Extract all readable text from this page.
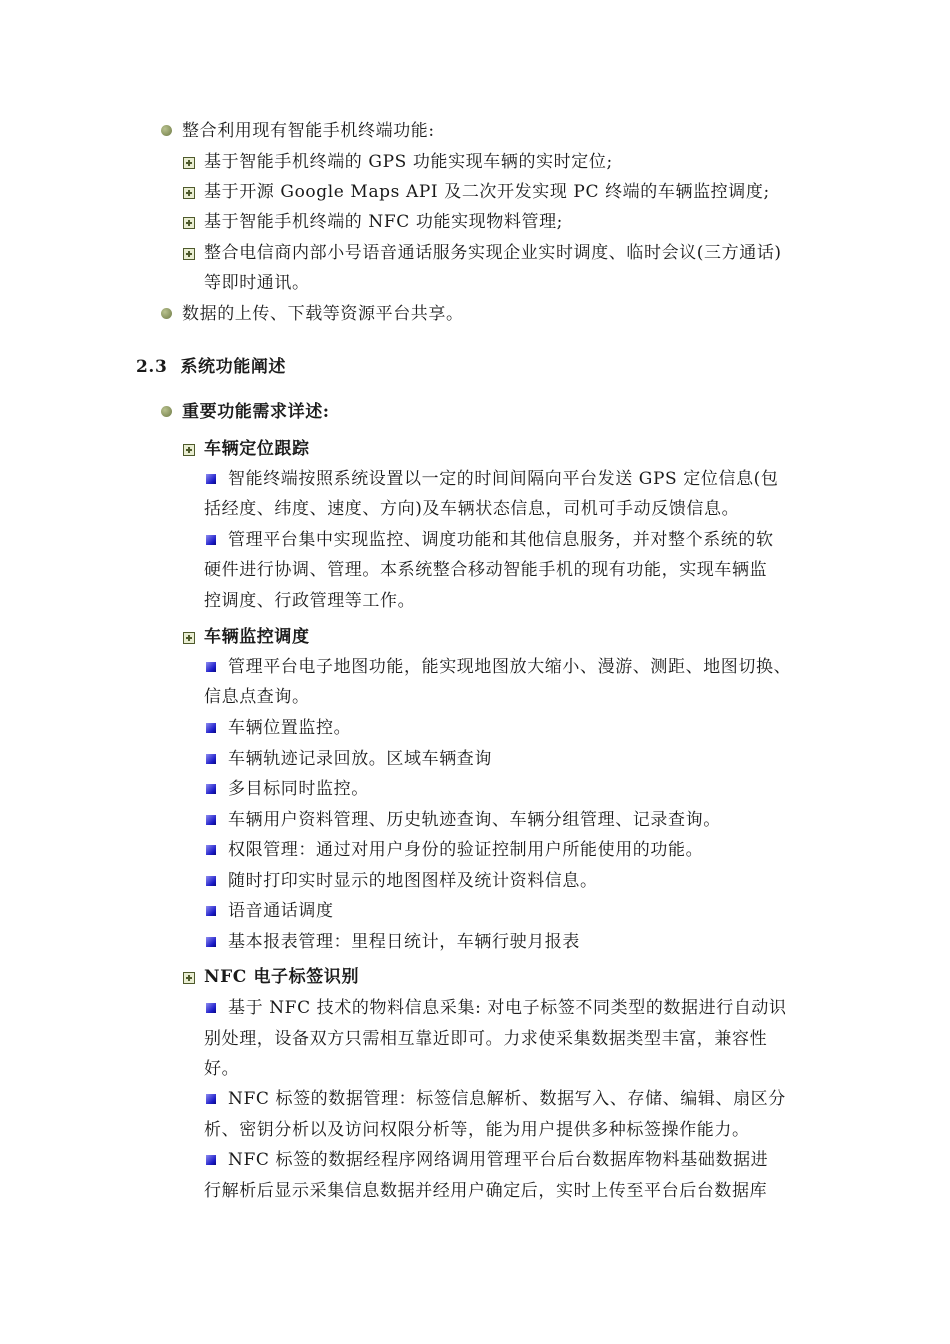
整合利用现有智能手机终端功能:
基于智能手机终端的 GPS 功能实现车辆的实时定位;
基于开源 Google Maps API 及二次开发实现 PC 终端的车辆监控调度;
基于智能手机终端的 NFC 功能实现物料管理;
整合电信商内部小号语音通话服务实现企业实时调度、临时会议(三方通话)
等即时通讯。
数据的上传、下载等资源平台共享。
2.3 系统功能阐述
重要功能需求详述:
车辆定位跟踪
智能终端按照系统设置以一定的时间间隔向平台发送 GPS 定位信息(包
括经度、纬度、速度、方向)及车辆状态信息，司机可手动反馈信息。
管理平台集中实现监控、调度功能和其他信息服务，并对整个系统的软
硬件进行协调、管理。本系统整合移动智能手机的现有功能，实现车辆监
控调度、行政管理等工作。
车辆监控调度
管理平台电子地图功能，能实现地图放大缩小、漫游、测距、地图切换、
信息点查询。
车辆位置监控。
车辆轨迹记录回放。区域车辆查询
多目标同时监控。
车辆用户资料管理、历史轨迹查询、车辆分组管理、记录查询。
权限管理：通过对用户身份的验证控制用户所能使用的功能。
随时打印实时显示的地图图样及统计资料信息。
语音通话调度
基本报表管理：里程日统计，车辆行驶月报表
NFC 电子标签识别
基于 NFC 技术的物料信息采集: 对电子标签不同类型的数据进行自动识
别处理，设备双方只需相互靠近即可。力求使采集数据类型丰富，兼容性
好。
NFC 标签的数据管理：标签信息解析、数据写入、存储、编辑、扇区分
析、密钥分析以及访问权限分析等，能为用户提供多种标签操作能力。
NFC 标签的数据经程序网络调用管理平台后台数据库物料基础数据进
行解析后显示采集信息数据并经用户确定后，实时上传至平台后台数据库
